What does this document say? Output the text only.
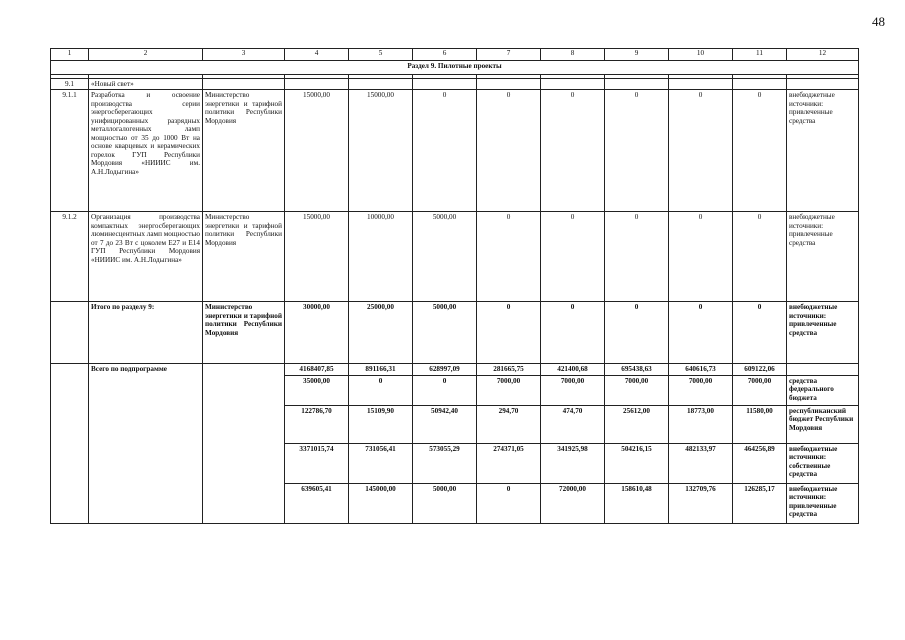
48
1	2	3	4	5	6	7	8	9	10	11	12
Раздел 9. Пилотные проекты											

9.1	«Новый свет»										
9.1.1	Разработка и освоение производства серии энергосберегающих унифицированных разрядных металлогалогенных ламп мощностью от 35 до 1000 Вт на основе кварцевых и керамических горелок ГУП Республики Мордовия «НИИИС им. А.Н.Лодыгина»	Министерство энергетики и тарифной политики Республики Мордовия	15000,00	15000,00	0	0	0	0	0	0	внебюджетные источники: привлеченные средства
9.1.2	Организация производства компактных энергосберегающих люминесцентных ламп мощностью от 7 до 23 Вт с цоколем Е27 и Е14 ГУП Республики Мордовия «НИИИС им. А.Н.Лодыгина»	Министерство энергетики и тарифной политики Республики Мордовия	15000,00	10000,00	5000,00	0	0	0	0	0	внебюджетные источники: привлеченные средства
	Итого по разделу 9:	Министерство энергетики и тарифной политики Республики Мордовия	30000,00	25000,00	5000,00	0	0	0	0	0	внебюджетные источники: привлеченные средства
	Всего по подпрограмме		4168407,85	891166,31	628997,09	281665,75	421400,68	695438,63	640616,73	609122,06	
			35000,00	0	0	7000,00	7000,00	7000,00	7000,00	7000,00	средства федерального бюджета
			122786,70	15109,90	50942,40	294,70	474,70	25612,00	18773,00	11580,00	республиканский бюджет Республики Мордовия
			3371015,74	731056,41	573055,29	274371,05	341925,98	504216,15	482133,97	464256,89	внебюджетные источники: собственные средства
			639605,41	145000,00	5000,00	0	72000,00	158610,48	132709,76	126285,17	внебюджетные источники: привлеченные средства
